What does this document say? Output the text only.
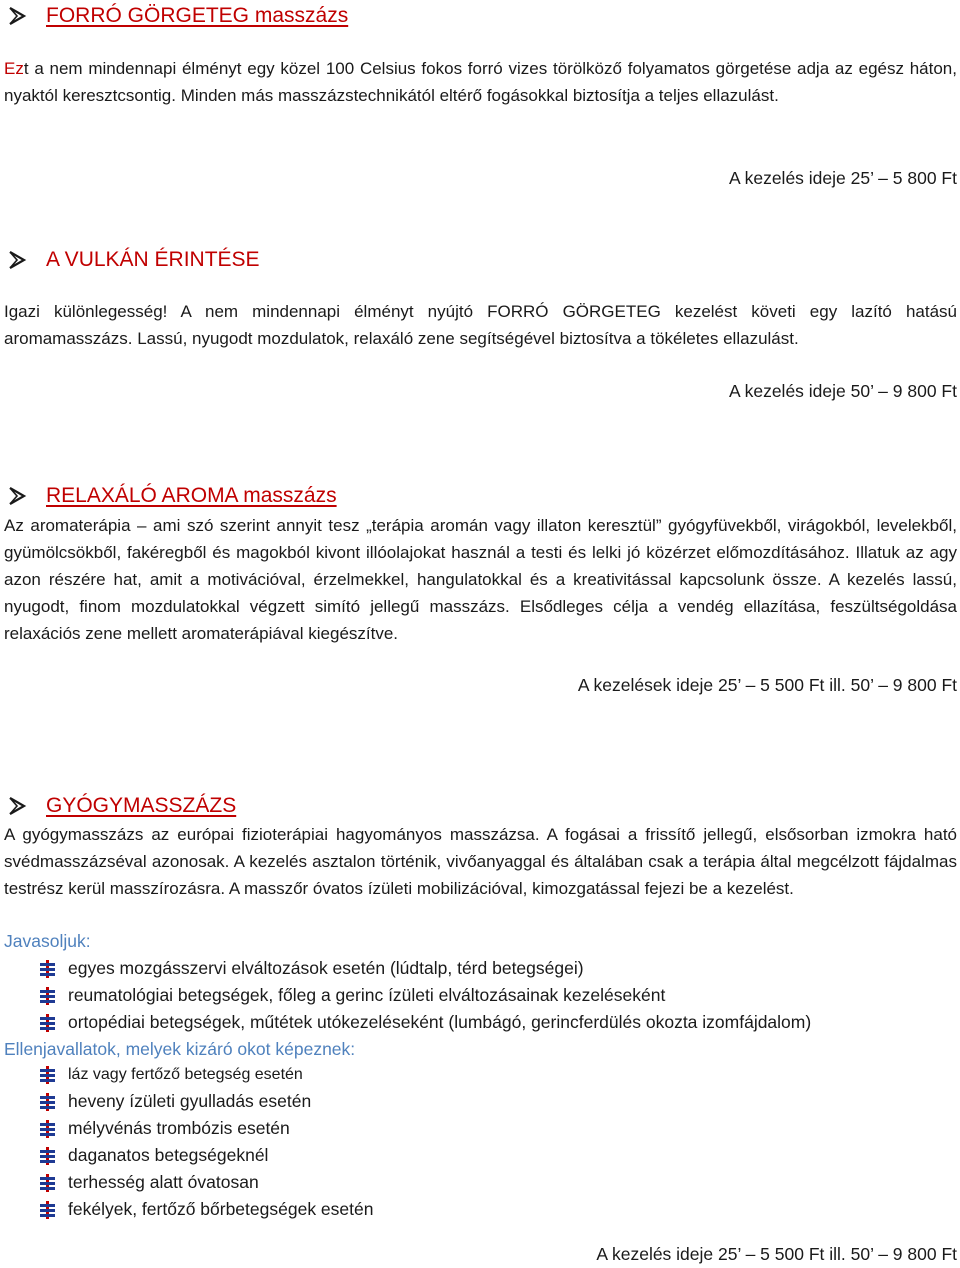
FORRÓ GÖRGETEG masszázs

Ezt a nem mindennapi élményt egy közel 100 Celsius fokos forró vizes törölköző folyamatos görgetése adja az egész háton, nyaktól keresztcsontig. Minden más masszázstechnikától eltérő fogásokkal biztosítja a teljes ellazulást.

A kezelés ideje 25’ – 5 800 Ft
A VULKÁN ÉRINTÉSE

Igazi különlegesség! A nem mindennapi élményt nyújtó FORRÓ GÖRGETEG kezelést követi egy lazító hatású aromamasszázs. Lassú, nyugodt mozdulatok, relaxáló zene segítségével biztosítva a tökéletes ellazulást.

A kezelés ideje 50’ – 9 800 Ft
RELAXÁLÓ AROMA masszázs

Az aromaterápia – ami szó szerint annyit tesz „terápia aromán vagy illaton keresztül” gyógyfüvekből, virágokból, levelekből, gyümölcsökből, fakéregből és magokból kivont illóolajokat használ a testi és lelki jó közérzet előmozdításához. Illatuk az agy azon részére hat, amit a motivációval, érzelmekkel, hangulatokkal és a kreativitással kapcsolunk össze. A kezelés lassú, nyugodt, finom mozdulatokkal végzett simító jellegű masszázs. Elsődleges célja a vendég ellazítása, feszültségoldása relaxációs zene mellett aromaterápiával kiegészítve.

A kezelések ideje 25’ – 5 500 Ft ill. 50’ – 9 800 Ft
GYÓGYMASSZÁZS

A gyógymasszázs az európai fizioterápiai hagyományos masszázsa. A fogásai a frissítő jellegű, elsősorban izmokra ható svédmasszázséval azonosak. A kezelés asztalon történik, vivőanyaggal és általában csak a terápia által megcélzott fájdalmas testrész kerül masszírozásra. A masszőr óvatos ízületi mobilizációval, kimozgatással fejezi be a kezelést.

Javasoljuk:
egyes mozgásszervi elváltozások esetén (lúdtalp, térd betegségei)
reumatológiai betegségek, főleg a gerinc ízületi elváltozásainak kezeléseként
ortopédiai betegségek, műtétek utókezeléseként (lumbágó, gerincferdülés okozta izomfájdalom)
Ellenjavallatok, melyek kizáró okot képeznek:
láz vagy fertőző betegség esetén
heveny ízületi gyulladás esetén
mélyvénás trombózis esetén
daganatos betegségeknél
terhesség alatt óvatosan
fekélyek, fertőző bőrbetegségek esetén
A kezelés ideje 25’ – 5 500 Ft ill. 50’ – 9 800 Ft
